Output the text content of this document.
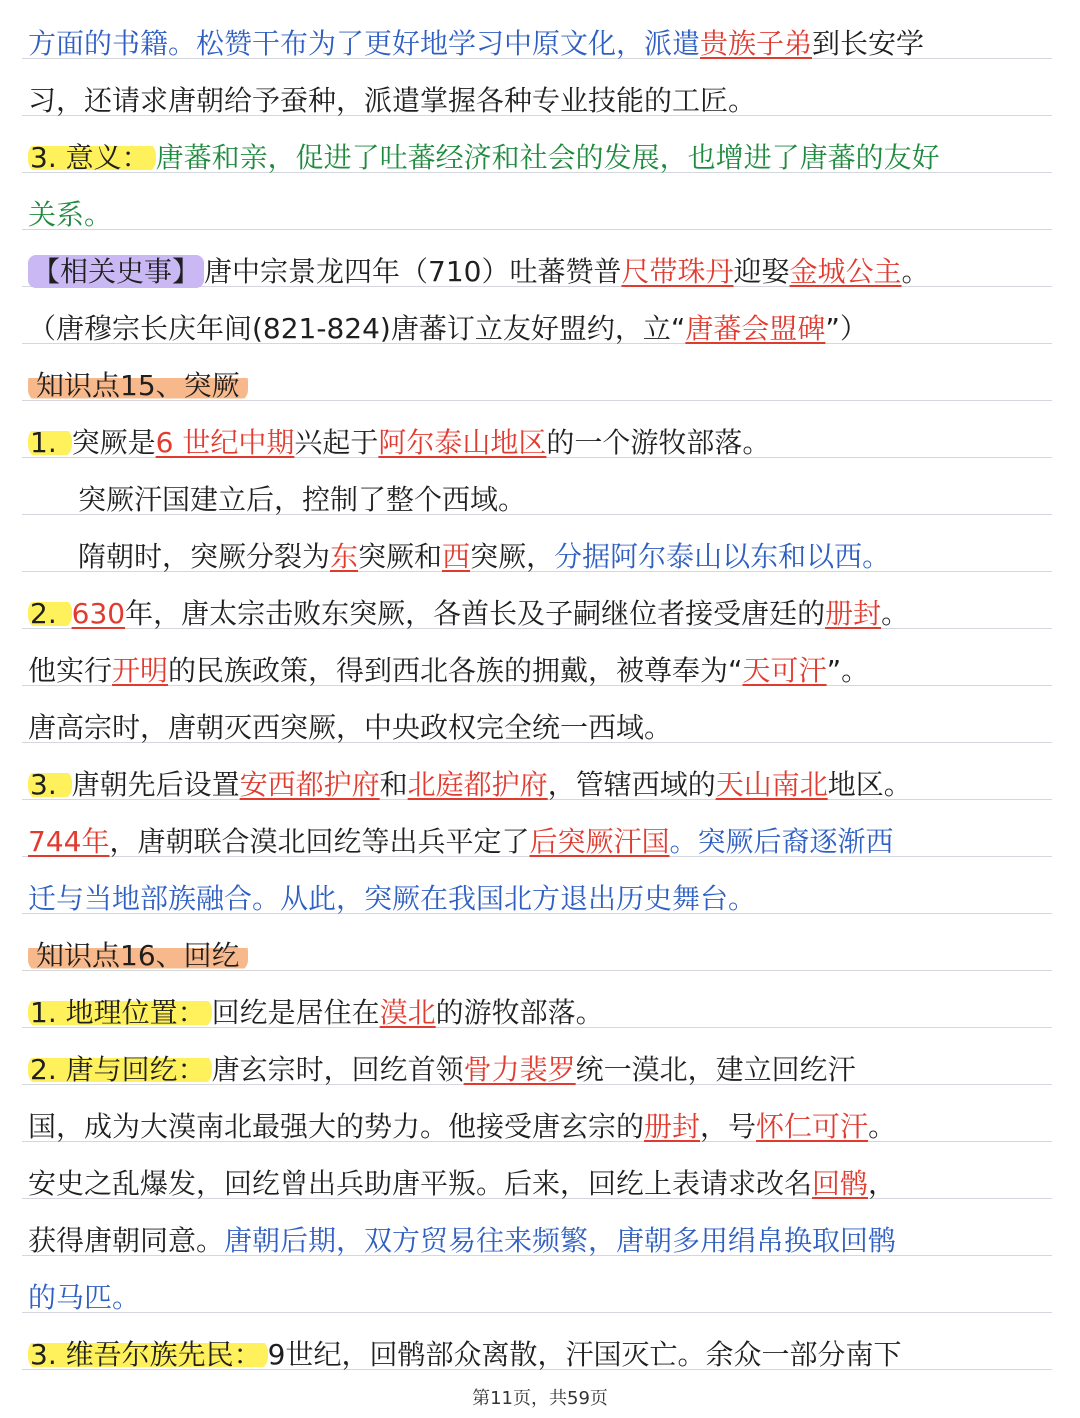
方面的书籍。松赞干布为了更好地学习中原文化，派遣贵族子弟到长安学
习，还请求唐朝给予蚕种，派遣掌握各种专业技能的工匠。
3. 意义： 唐蕃和亲，促进了吐蕃经济和社会的发展，也增进了唐蕃的友好
关系。
【相关史事】 唐中宗景龙四年（710）吐蕃赞普尺带珠丹迎娶金城公主。
（唐穆宗长庆年间(821-824)唐蕃订立友好盟约，立“唐蕃会盟碑”）
知识点15、突厥
1. 突厥是6 世纪中期兴起于阿尔泰山地区的一个游牧部落。
突厥汗国建立后，控制了整个西域。
隋朝时，突厥分裂为东突厥和西突厥，分据阿尔泰山以东和以西。
2. 630年，唐太宗击败东突厥，各酋长及子嗣继位者接受唐廷的册封。
他实行开明的民族政策，得到西北各族的拥戴，被尊奉为“天可汗”。
唐高宗时，唐朝灭西突厥，中央政权完全统一西域。
3. 唐朝先后设置安西都护府和北庭都护府，管辖西域的天山南北地区。
744年，唐朝联合漠北回纥等出兵平定了后突厥汗国。突厥后裔逐渐西
迁与当地部族融合。从此，突厥在我国北方退出历史舞台。
知识点16、回纥
1. 地理位置： 回纥是居住在漠北的游牧部落。
2. 唐与回纥： 唐玄宗时，回纥首领骨力裴罗统一漠北，建立回纥汗
国，成为大漠南北最强大的势力。他接受唐玄宗的册封，号怀仁可汗。
安史之乱爆发，回纥曾出兵助唐平叛。后来，回纥上表请求改名回鹘，
获得唐朝同意。唐朝后期，双方贸易往来频繁，唐朝多用绢帛换取回鹘
的马匹。
3. 维吾尔族先民： 9世纪，回鹘部众离散，汗国灭亡。余众一部分南下
第11页，共59页
